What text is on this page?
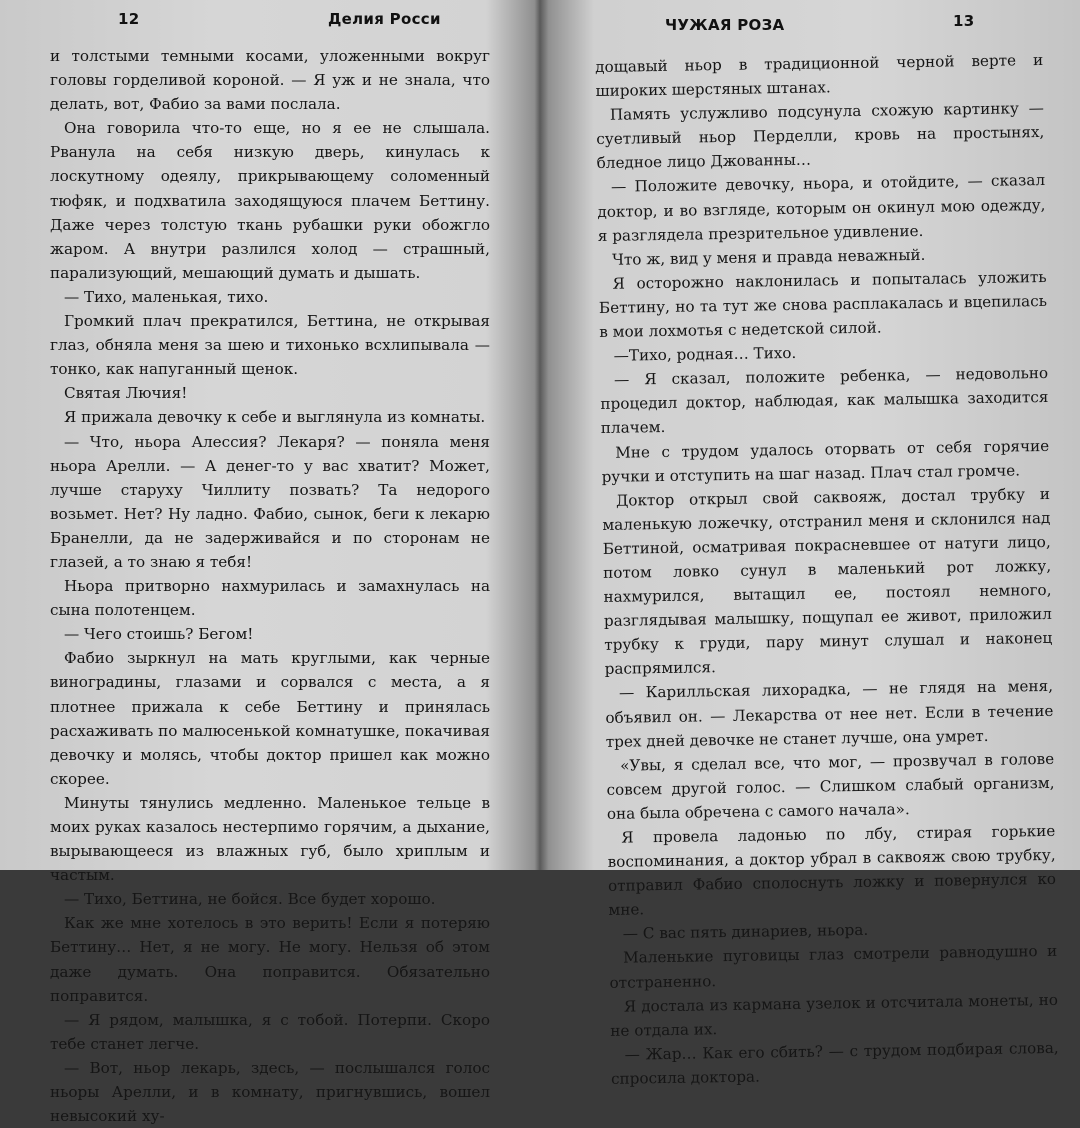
12	Делия Росси

и толстыми темными косами, уложенными вокруг головы горделивой короной. — Я уж и не знала, что делать, вот, Фабио за вами послала.

Она говорила что-то еще, но я ее не слышала. Рванула на себя низкую дверь, кинулась к лоскутному одеялу, прикрывающему соломенный тюфяк, и подхватила заходящуюся плачем Беттину. Даже через толстую ткань рубашки руки обожгло жаром. А внутри разлился холод — страшный, парализующий, мешающий думать и дышать.

— Тихо, маленькая, тихо.

Громкий плач прекратился, Беттина, не открывая глаз, обняла меня за шею и тихонько всхлипывала — тонко, как напуганный щенок.

Святая Лючия!

Я прижала девочку к себе и выглянула из комнаты.

— Что, ньора Алессия? Лекаря? — поняла меня ньора Арелли. — А денег-то у вас хватит? Может, лучше старуху Чиллиту позвать? Та недорого возьмет. Нет? Ну ладно. Фабио, сынок, беги к лекарю Бранелли, да не задерживайся и по сторонам не глазей, а то знаю я тебя!

Ньора притворно нахмурилась и замахнулась на сына полотенцем.

— Чего стоишь? Бегом!

Фабио зыркнул на мать круглыми, как черные виноградины, глазами и сорвался с места, а я плотнее прижала к себе Беттину и принялась расхаживать по малюсенькой комнатушке, покачивая девочку и молясь, чтобы доктор пришел как можно скорее.

Минуты тянулись медленно. Маленькое тельце в моих руках казалось нестерпимо горячим, а дыхание, вырывающееся из влажных губ, было хриплым и частым.

— Тихо, Беттина, не бойся. Все будет хорошо.

Как же мне хотелось в это верить! Если я потеряю Беттину… Нет, я не могу. Не могу. Нельзя об этом даже думать. Она поправится. Обязательно поправится.

— Я рядом, малышка, я с тобой. Потерпи. Скоро тебе станет легче.

— Вот, ньор лекарь, здесь, — послышался голос ньоры Арелли, и в комнату, пригнувшись, вошел невысокий ху-

ЧУЖАЯ РОЗА	13

дощавый ньор в традиционной черной верте и широких шерстяных штанах.

Память услужливо подсунула схожую картинку — суетливый ньор Перделли, кровь на простынях, бледное лицо Джованны…

— Положите девочку, ньора, и отойдите, — сказал доктор, и во взгляде, которым он окинул мою одежду, я разглядела презрительное удивление.

Что ж, вид у меня и правда неважный.

Я осторожно наклонилась и попыталась уложить Беттину, но та тут же снова расплакалась и вцепилась в мои лохмотья с недетской силой.

—Тихо, родная… Тихо.

— Я сказал, положите ребенка, — недовольно процедил доктор, наблюдая, как малышка заходится плачем.

Мне с трудом удалось оторвать от себя горячие ручки и отступить на шаг назад. Плач стал громче.

Доктор открыл свой саквояж, достал трубку и маленькую ложечку, отстранил меня и склонился над Беттиной, осматривая покрасневшее от натуги лицо, потом ловко сунул в маленький рот ложку, нахмурился, вытащил ее, постоял немного, разглядывая малышку, пощупал ее живот, приложил трубку к груди, пару минут слушал и наконец распрямился.

— Карилльская лихорадка, — не глядя на меня, объявил он. — Лекарства от нее нет. Если в течение трех дней девочке не станет лучше, она умрет.

«Увы, я сделал все, что мог, — прозвучал в голове совсем другой голос. — Слишком слабый организм, она была обречена с самого начала».

Я провела ладонью по лбу, стирая горькие воспоминания, а доктор убрал в саквояж свою трубку, отправил Фабио сполоснуть ложку и повернулся ко мне.

— С вас пять динариев, ньора.

Маленькие пуговицы глаз смотрели равнодушно и отстраненно.

Я достала из кармана узелок и отсчитала монеты, но не отдала их.

— Жар… Как его сбить? — с трудом подбирая слова, спросила доктора.
